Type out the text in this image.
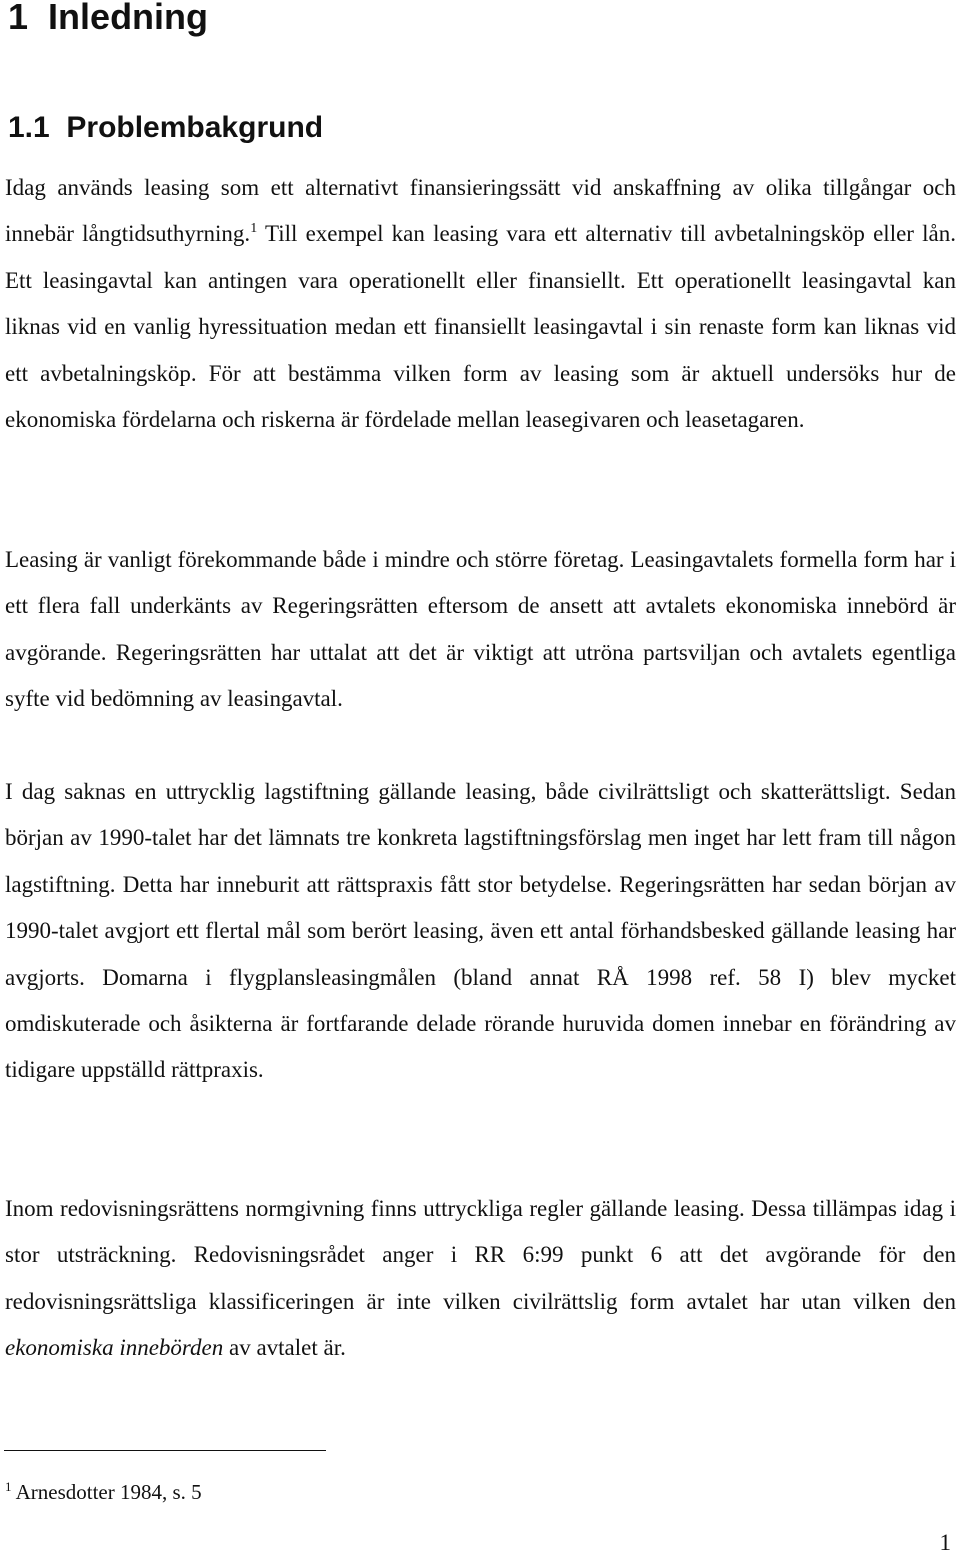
1 Inledning
1.1 Problembakgrund

Idag används leasing som ett alternativt finansieringssätt vid anskaffning av olika tillgångar och innebär långtidsuthyrning.$^1$ Till exempel kan leasing vara ett alternativ till avbetalningsköp eller lån. Ett leasingavtal kan antingen vara operationellt eller finansiellt. Ett operationellt leasingavtal kan liknas vid en vanlig hyressituation medan ett finansiellt leasingavtal i sin renaste form kan liknas vid ett avbetalningsköp. För att bestämma vilken form av leasing som är aktuell undersöks hur de ekonomiska fördelarna och riskerna är fördelade mellan leasegivaren och leasetagaren.

Leasing är vanligt förekommande både i mindre och större företag. Leasingavtalets formella form har i ett flera fall underkänts av Regeringsrätten eftersom de ansett att avtalets ekonomiska innebörd är avgörande. Regeringsrätten har uttalat att det är viktigt att utröna partsviljan och avtalets egentliga syfte vid bedömning av leasingavtal.

I dag saknas en uttrycklig lagstiftning gällande leasing, både civilrättsligt och skatterättsligt. Sedan början av 1990-talet har det lämnats tre konkreta lagstiftningsförslag men inget har lett fram till någon lagstiftning. Detta har inneburit att rättspraxis fått stor betydelse. Regeringsrätten har sedan början av 1990-talet avgjort ett flertal mål som berört leasing, även ett antal förhandsbesked gällande leasing har avgjorts. Domarna i flygplansleasingmålen (bland annat RÅ 1998 ref. 58 I) blev mycket omdiskuterade och åsikterna är fortfarande delade rörande huruvida domen innebar en förändring av tidigare uppställd rättpraxis.

Inom redovisningsrättens normgivning finns uttryckliga regler gällande leasing. Dessa tillämpas idag i stor utsträckning. Redovisningsrådet anger i RR 6:99 punkt 6 att det avgörande för den redovisningsrättsliga klassificeringen är inte vilken civilrättslig form avtalet har utan vilken den ekonomiska innebörden av avtalet är.

$^1$ Arnesdotter 1984, s. 5

1
